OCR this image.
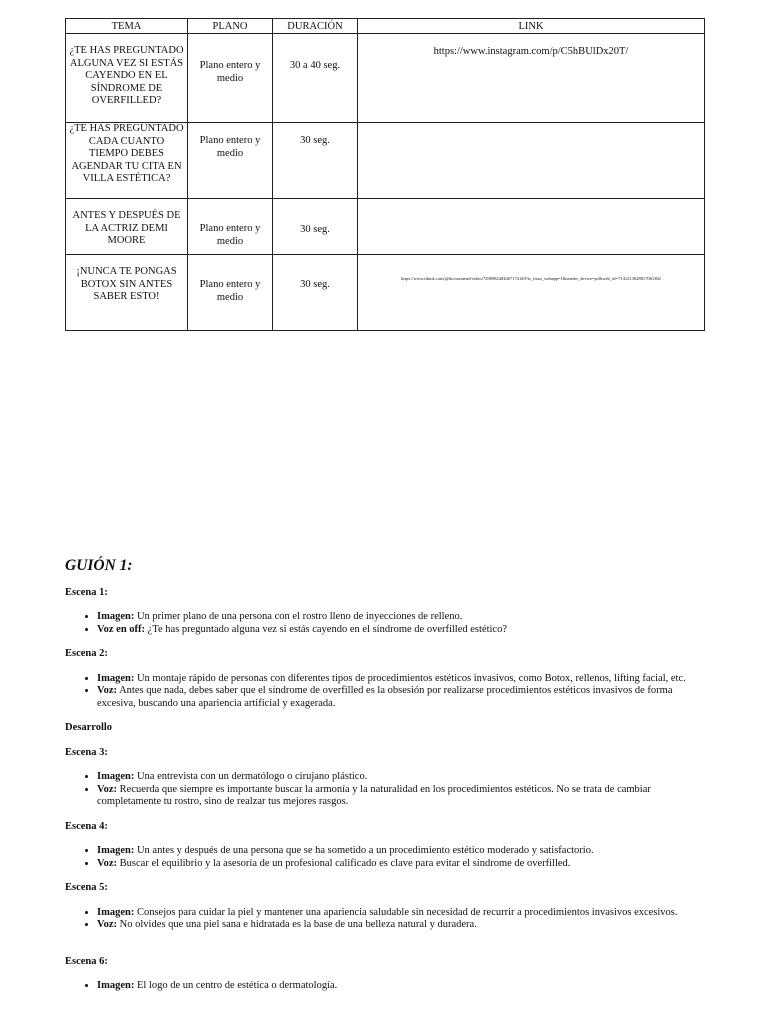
TEMA	PLANO	DURACIÓN	LINK
¿TE HAS PREGUNTADO ALGUNA VEZ SI ESTÁS CAYENDO EN EL SÍNDROME DE OVERFILLED?	Plano entero y medio	30 a 40 seg.	https://www.instagram.com/p/C5hBUlDx20T/
¿TE HAS PREGUNTADO CADA CUANTO TIEMPO DEBES AGENDAR TU CITA EN VILLA ESTÉTICA?	Plano entero y medio	30 seg.	
ANTES Y DESPUÉS DE LA ACTRIZ DEMI MOORE	Plano entero y medio	30 seg.	
¡NUNCA TE PONGAS BOTOX SIN ANTES SABER ESTO!	Plano entero y medio	30 seg.	https://www.tiktok.com/@doctormend/video/7296982484467174149?is_from_webapp=1&sender_device=pc&web_id=7141213028817061382
GUIÓN 1:

Escena 1:

• Imagen: Un primer plano de una persona con el rostro lleno de inyecciones de relleno.
• Voz en off: ¿Te has preguntado alguna vez si estás cayendo en el síndrome de overfilled estético?

Escena 2:

• Imagen: Un montaje rápido de personas con diferentes tipos de procedimientos estéticos invasivos, como Botox, rellenos, lifting facial, etc.
• Voz: Antes que nada, debes saber que el síndrome de overfilled es la obsesión por realizarse procedimientos estéticos invasivos de forma excesiva, buscando una apariencia artificial y exagerada.

Desarrollo

Escena 3:

• Imagen: Una entrevista con un dermatólogo o cirujano plástico.
• Voz: Recuerda que siempre es importante buscar la armonía y la naturalidad en los procedimientos estéticos. No se trata de cambiar completamente tu rostro, sino de realzar tus mejores rasgos.

Escena 4:

• Imagen: Un antes y después de una persona que se ha sometido a un procedimiento estético moderado y satisfactorio.
• Voz: Buscar el equilibrio y la asesoría de un profesional calificado es clave para evitar el síndrome de overfilled.

Escena 5:

• Imagen: Consejos para cuidar la piel y mantener una apariencia saludable sin necesidad de recurrir a procedimientos invasivos excesivos.
• Voz: No olvides que una piel sana e hidratada es la base de una belleza natural y duradera.

Escena 6:

• Imagen: El logo de un centro de estética o dermatología.
